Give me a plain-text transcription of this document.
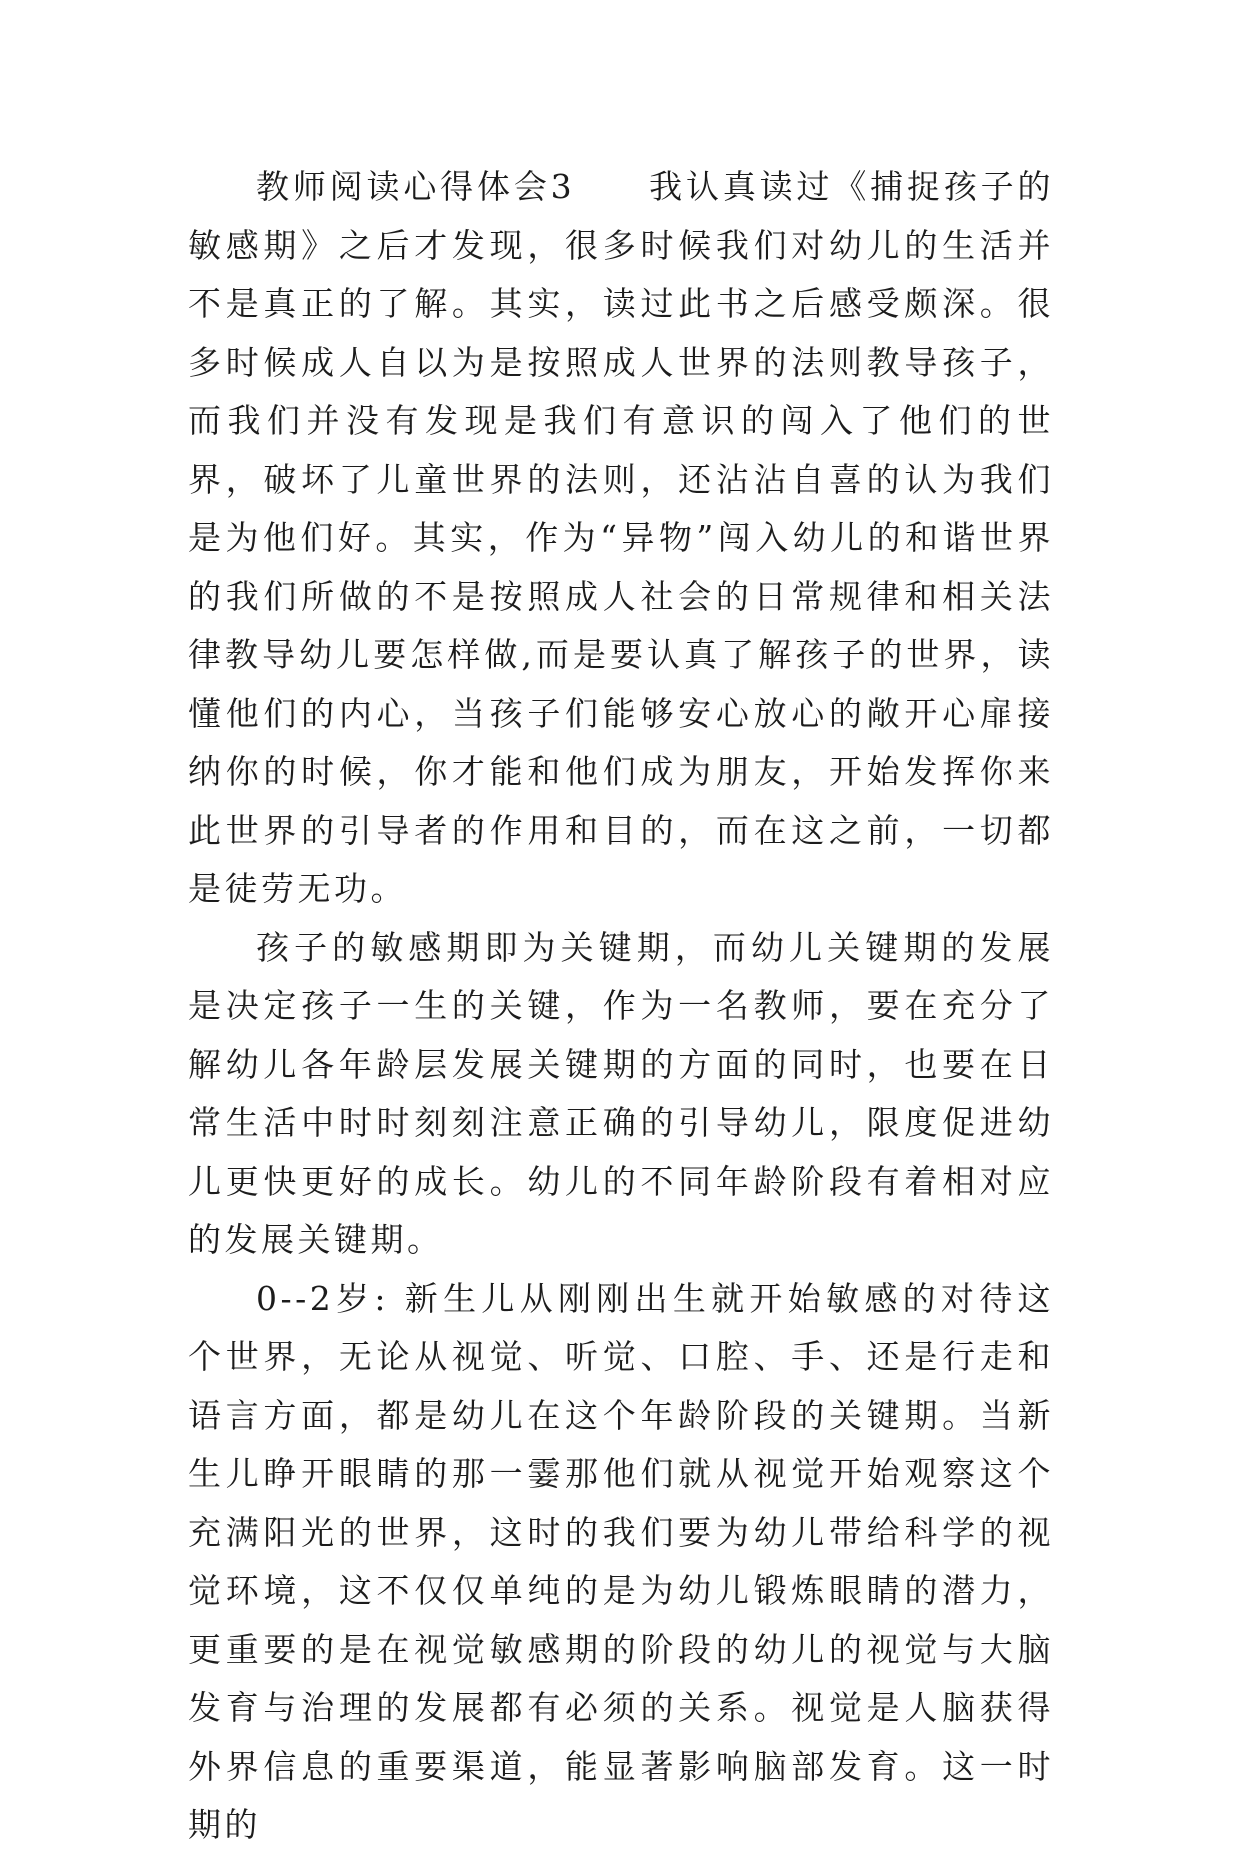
教师阅读心得体会3　　我认真读过《捕捉孩子的敏感期》之后才发现，很多时候我们对幼儿的生活并不是真正的了解。其实，读过此书之后感受颇深。很多时候成人自以为是按照成人世界的法则教导孩子，而我们并没有发现是我们有意识的闯入了他们的世界，破坏了儿童世界的法则，还沾沾自喜的认为我们是为他们好。其实，作为“异物”闯入幼儿的和谐世界的我们所做的不是按照成人社会的日常规律和相关法律教导幼儿要怎样做,而是要认真了解孩子的世界，读懂他们的内心，当孩子们能够安心放心的敞开心扉接纳你的时候，你才能和他们成为朋友，开始发挥你来此世界的引导者的作用和目的，而在这之前，一切都是徒劳无功。

孩子的敏感期即为关键期，而幼儿关键期的发展是决定孩子一生的关键，作为一名教师，要在充分了解幼儿各年龄层发展关键期的方面的同时，也要在日常生活中时时刻刻注意正确的引导幼儿，限度促进幼儿更快更好的成长。幼儿的不同年龄阶段有着相对应的发展关键期。

0--2岁: 新生儿从刚刚出生就开始敏感的对待这个世界，无论从视觉、听觉、口腔、手、还是行走和语言方面，都是幼儿在这个年龄阶段的关键期。当新生儿睁开眼睛的那一霎那他们就从视觉开始观察这个充满阳光的世界，这时的我们要为幼儿带给科学的视觉环境，这不仅仅单纯的是为幼儿锻炼眼睛的潜力，更重要的是在视觉敏感期的阶段的幼儿的视觉与大脑发育与治理的发展都有必须的关系。视觉是人脑获得外界信息的重要渠道，能显著影响脑部发育。这一时期的
